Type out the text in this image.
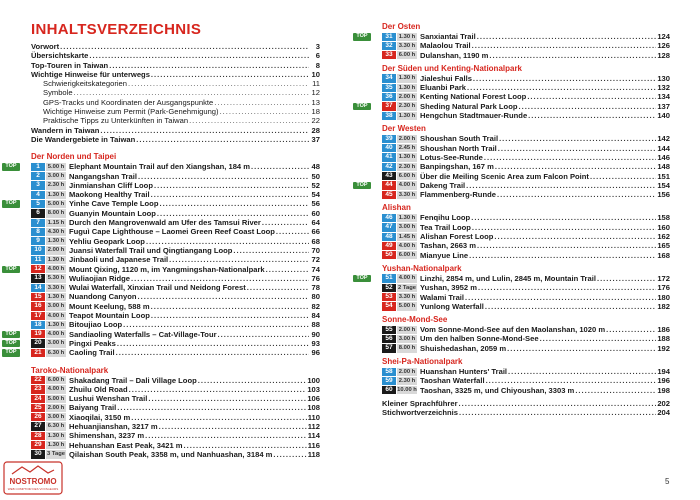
INHALTSVERZEICHNIS
Vorwort .....	3
Übersichtskarte .....	6
Top-Touren in Taiwan .....	8
Wichtige Hinweise für unterwegs .....	10
Schwierigkeitskategorien .....	11
Symbole .....	12
GPS-Tracks und Koordinaten der Ausgangspunkte .....	13
Wichtige Hinweise zum Permit (Park-Genehmigung) .....	18
Praktische Tipps zu Unterkünften in Taiwan .....	22
Wandern in Taiwan .....	28
Die Wandergebiete in Taiwan .....	37
Der Norden und Taipei
TOP	1	5.00 h Elephant Mountain Trail auf den Xiangshan, 184 m .....	48
2	3.00 h Nangangshan Trail .....	50
3	2.30 h Jinmianshan Cliff Loop .....	52
4	1.30 h Maokong Healthy Trail .....	54
TOP	5	5.00 h Yinhe Cave Temple Loop .....	56
6	8.00 h Guanyin Mountain Loop .....	60
7	1.15 h Durch den Mangrovenwald am Ufer des Tamsui River .....	64
8	4.30 h Fuguì Cape Lighthouse – Laomei Green Reef Coast Loop .....	66
9	1.30 h Yehliu Geopark Loop .....	68
10	2.00 h Juansi Waterfall Trail und Qingtiangang Loop .....	70
11	1.30 h Jinbaoli und Japanese Trail .....	72
TOP	12	4.00 h Mount Qixing, 1120 m, im Yangmingshan-Nationalpark .....	74
13	5.30 h Wuliaojian Ridge .....	76
14	3.30 h Wulai Waterfall, Xinxian Trail und Neidong Forest .....	78
15	1.30 h Nuandong Canyon .....	80
16	3.00 h Mount Keelung, 588 m .....	82
17	4.00 h Teapot Mountain Loop .....	84
18	1.30 h Bitoujiao Loop .....	88
TOP	19	4.00 h Sandiaoling Waterfalls – Cat-Village-Tour .....	90
TOP	20	3.00 h Pingxi Peaks .....	93
TOP	21	6.30 h Caoling Trail .....	96
Taroko-Nationalpark
22	6.00 h Shakadang Trail – Dali Village Loop .....	100
23	4.00 h Zhuilu Old Road .....	103
24	5.00 h Lushui Wenshan Trail .....	106
25	2.00 h Baiyang Trail .....	108
26	3.00 h Xiaoqilai, 3150 m .....	110
27	6.30 h Hehuanjianshan, 3217 m .....	112
28	1.30 h Shimenshan, 3237 m .....	114
29	1.30 h Hehuanshan East Peak, 3421 m .....	116
30 3 Tage Qilaishan South Peak, 3358 m, und Nanhuashan, 3184 m .....	118
Der Osten
TOP	31	1.30 h Sanxiantai Trail .....	124
32	3.30 h Malaolou Trail .....	126
33	6.00 h Dulanshan, 1190 m .....	128
Der Süden und Kenting-Nationalpark
34	1.30 h Jialeshui Falls .....	130
35	1.30 h Eluanbi Park .....	132
36	2.00 h Kenting National Forest Loop .....	134
TOP	37	2.30 h Sheding Natural Park Loop .....	137
38	1.30 h Hengchun Stadtmauer-Runde .....	140
Der Westen
39	2.00 h Shoushan South Trail .....	142
40	2.45 h Shoushan North Trail .....	144
41	1.30 h Lotus-See-Runde .....	146
42	2.30 h Banpingshan, 167 m .....	148
43	6.00 h Über die Meiling Scenic Area zum Falcon Point .....	151
TOP	44	4.00 h Dakeng Trail .....	154
45	3.30 h Flammenberg-Runde .....	156
Alishan
46	1.30 h Fenqihu Loop .....	158
47	3.00 h Tea Trail Loop .....	160
48	1.45 h Alishan Forest Loop .....	162
49	4.00 h Tashan, 2663 m .....	165
50	6.00 h Mianyue Line .....	168
Yushan-Nationalpark
TOP	51	4.00 h Linzhi, 2854 m, und Lulin, 2845 m, Mountain Trail .....	172
52 2 Tage Yushan, 3952 m .....	176
53	3.30 h Walami Trail .....	180
54	5.00 h Yunlong Waterfall .....	182
Sonne-Mond-See
55	2.00 h Vom Sonne-Mond-See auf den Maolanshan, 1020 m .....	186
56	3.00 h Um den halben Sonne-Mond-See .....	188
57	8.00 h Shuishedashan, 2059 m .....	192
Shei-Pa-Nationalpark
58	2.00 h Huanshan Hunters' Trail .....	194
59	2.30 h Taoshan Waterfall .....	196
60 10.00 h Taoshan, 3325 m, und Chiyoushan, 3303 m .....	198
Kleiner Sprachführer .....	202
Stichwortverzeichnis .....	204
5
NOSTROMO
WEB COMPTOIR DES VOYAGEURS
